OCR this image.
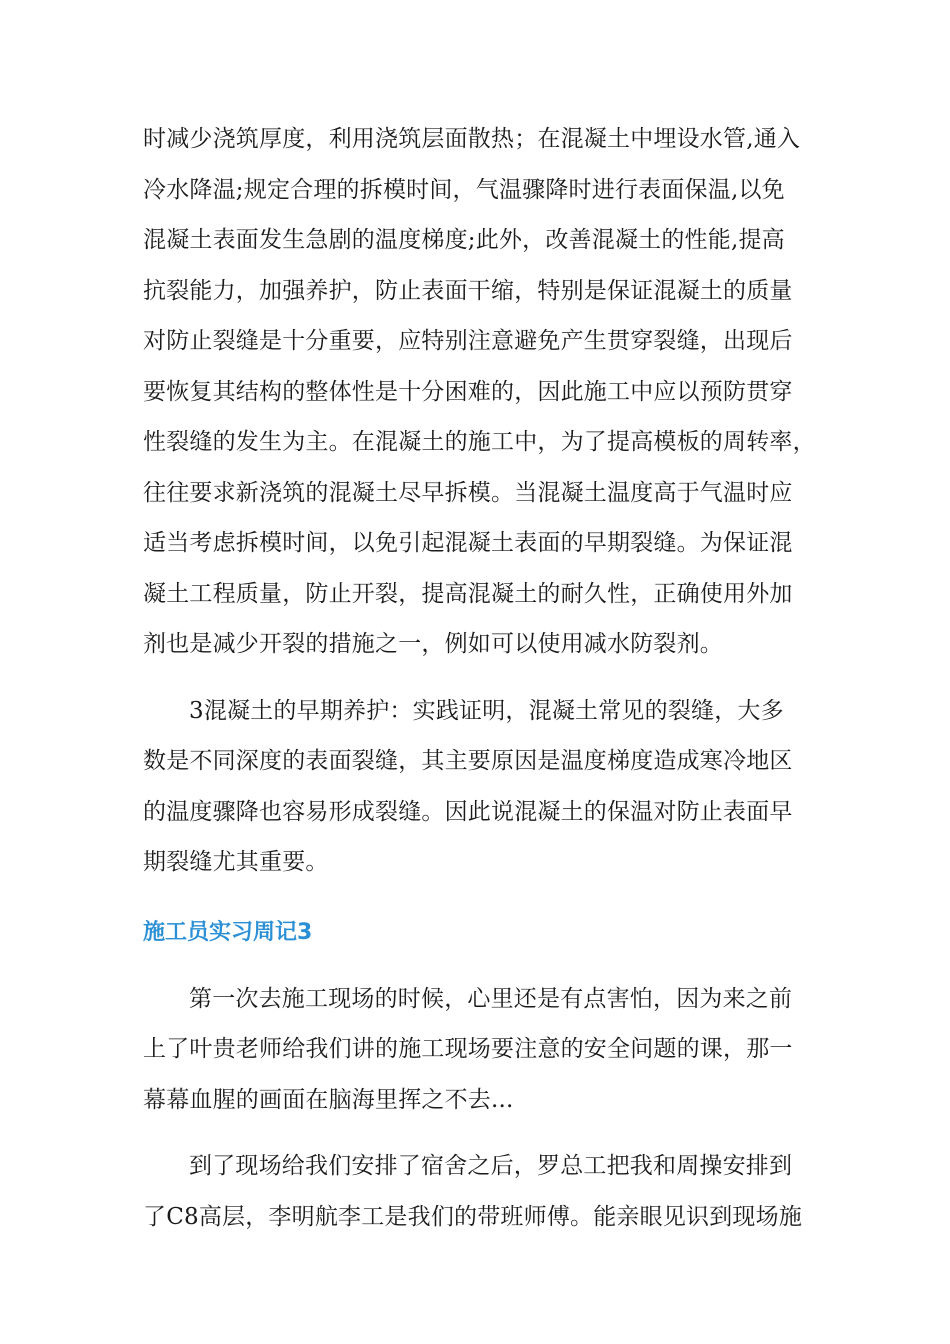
时减少浇筑厚度，利用浇筑层面散热；在混凝土中埋设水管,通入
冷水降温;规定合理的拆模时间，气温骤降时进行表面保温,以免
混凝土表面发生急剧的温度梯度;此外，改善混凝土的性能,提高
抗裂能力，加强养护，防止表面干缩，特别是保证混凝土的质量
对防止裂缝是十分重要，应特别注意避免产生贯穿裂缝，出现后
要恢复其结构的整体性是十分困难的，因此施工中应以预防贯穿
性裂缝的发生为主。在混凝土的施工中，为了提高模板的周转率，
往往要求新浇筑的混凝土尽早拆模。当混凝土温度高于气温时应
适当考虑拆模时间，以免引起混凝土表面的早期裂缝。为保证混
凝土工程质量，防止开裂，提高混凝土的耐久性，正确使用外加
剂也是减少开裂的措施之一，例如可以使用减水防裂剂。

3混凝土的早期养护：实践证明，混凝土常见的裂缝，大多
数是不同深度的表面裂缝，其主要原因是温度梯度造成寒冷地区
的温度骤降也容易形成裂缝。因此说混凝土的保温对防止表面早
期裂缝尤其重要。

施工员实习周记3

第一次去施工现场的时候，心里还是有点害怕，因为来之前
上了叶贵老师给我们讲的施工现场要注意的安全问题的课，那一
幕幕血腥的画面在脑海里挥之不去...

到了现场给我们安排了宿舍之后，罗总工把我和周操安排到
了C8高层，李明航李工是我们的带班师傅。能亲眼见识到现场施
